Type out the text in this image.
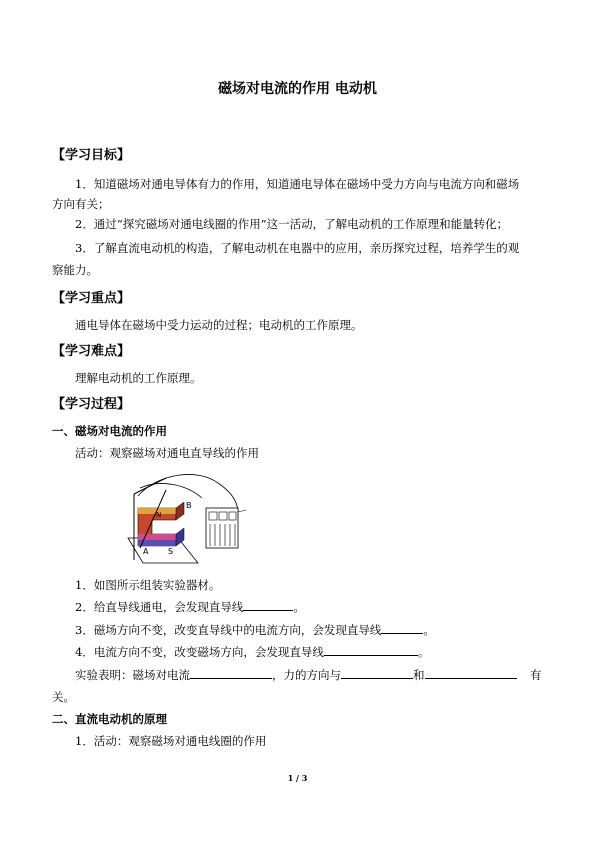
磁场对电流的作用 电动机
【学习目标】
1．知道磁场对通电导体有力的作用，知道通电导体在磁场中受力方向与电流方向和磁场
方向有关；
2．通过“探究磁场对通电线圈的作用”这一活动，了解电动机的工作原理和能量转化；
3．了解直流电动机的构造，了解电动机在电器中的应用，亲历探究过程，培养学生的观
察能力。
【学习重点】
通电导体在磁场中受力运动的过程；电动机的工作原理。
【学习难点】
理解电动机的工作原理。
【学习过程】
一、磁场对电流的作用
活动：观察磁场对通电直导线的作用
B
N
A S
1．如图所示组装实验器材。
2．给直导线通电，会发现直导线	。
3．磁场方向不变，改变直导线中的电流方向，会发现直导线	。
4．电流方向不变，改变磁场方向，会发现直导线	。
实验表明：磁场对电流	，力的方向与	和	有
关。
二、直流电动机的原理
1．活动：观察磁场对通电线圈的作用
1 / 3
